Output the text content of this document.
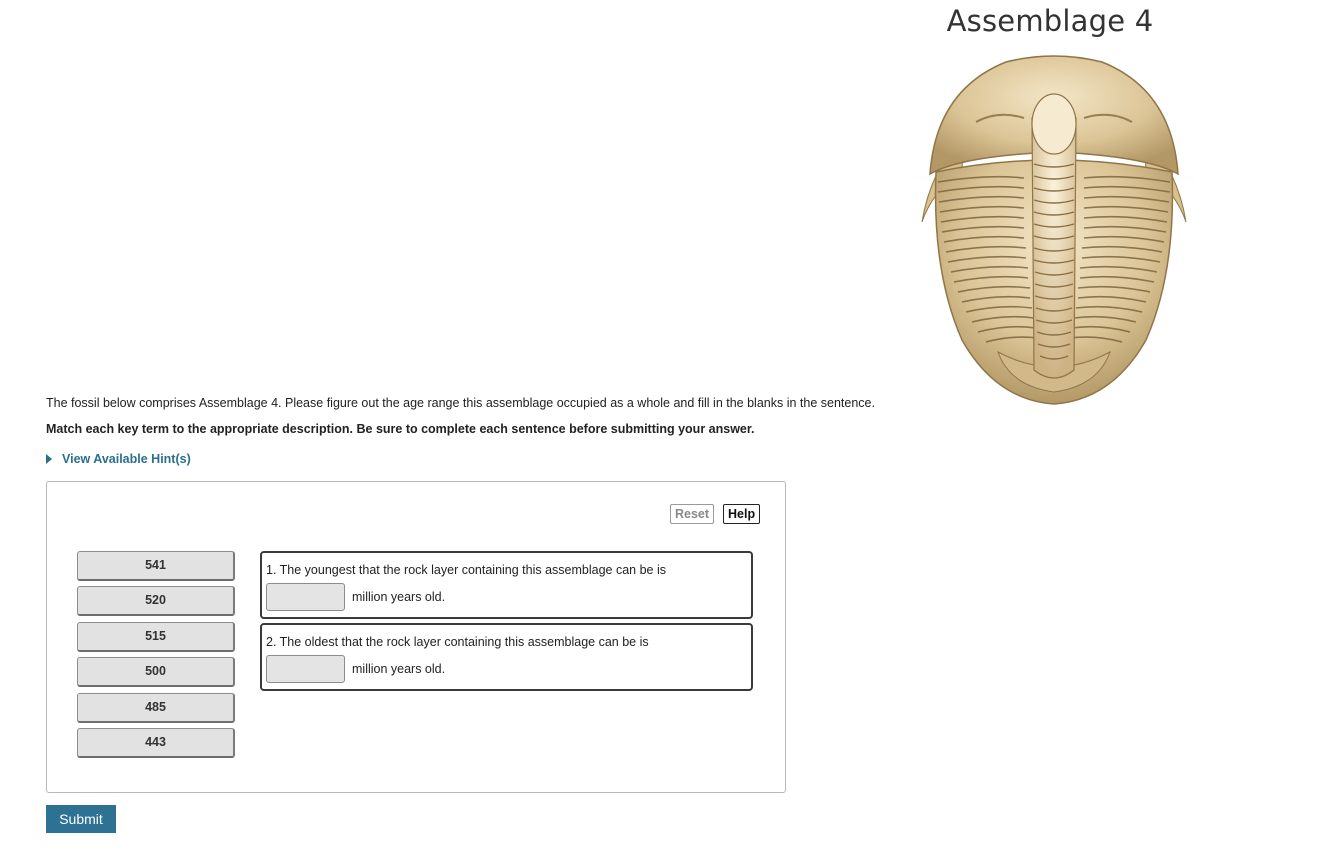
Assemblage 4
The fossil below comprises Assemblage 4. Please figure out the age range this assemblage occupied as a whole and fill in the blanks in the sentence.
Match each key term to the appropriate description. Be sure to complete each sentence before submitting your answer.
View Available Hint(s)
Reset	Help
541
520
515
500
485
443
1. The youngest that the rock layer containing this assemblage can be is
million years old.
2. The oldest that the rock layer containing this assemblage can be is
million years old.
Submit
